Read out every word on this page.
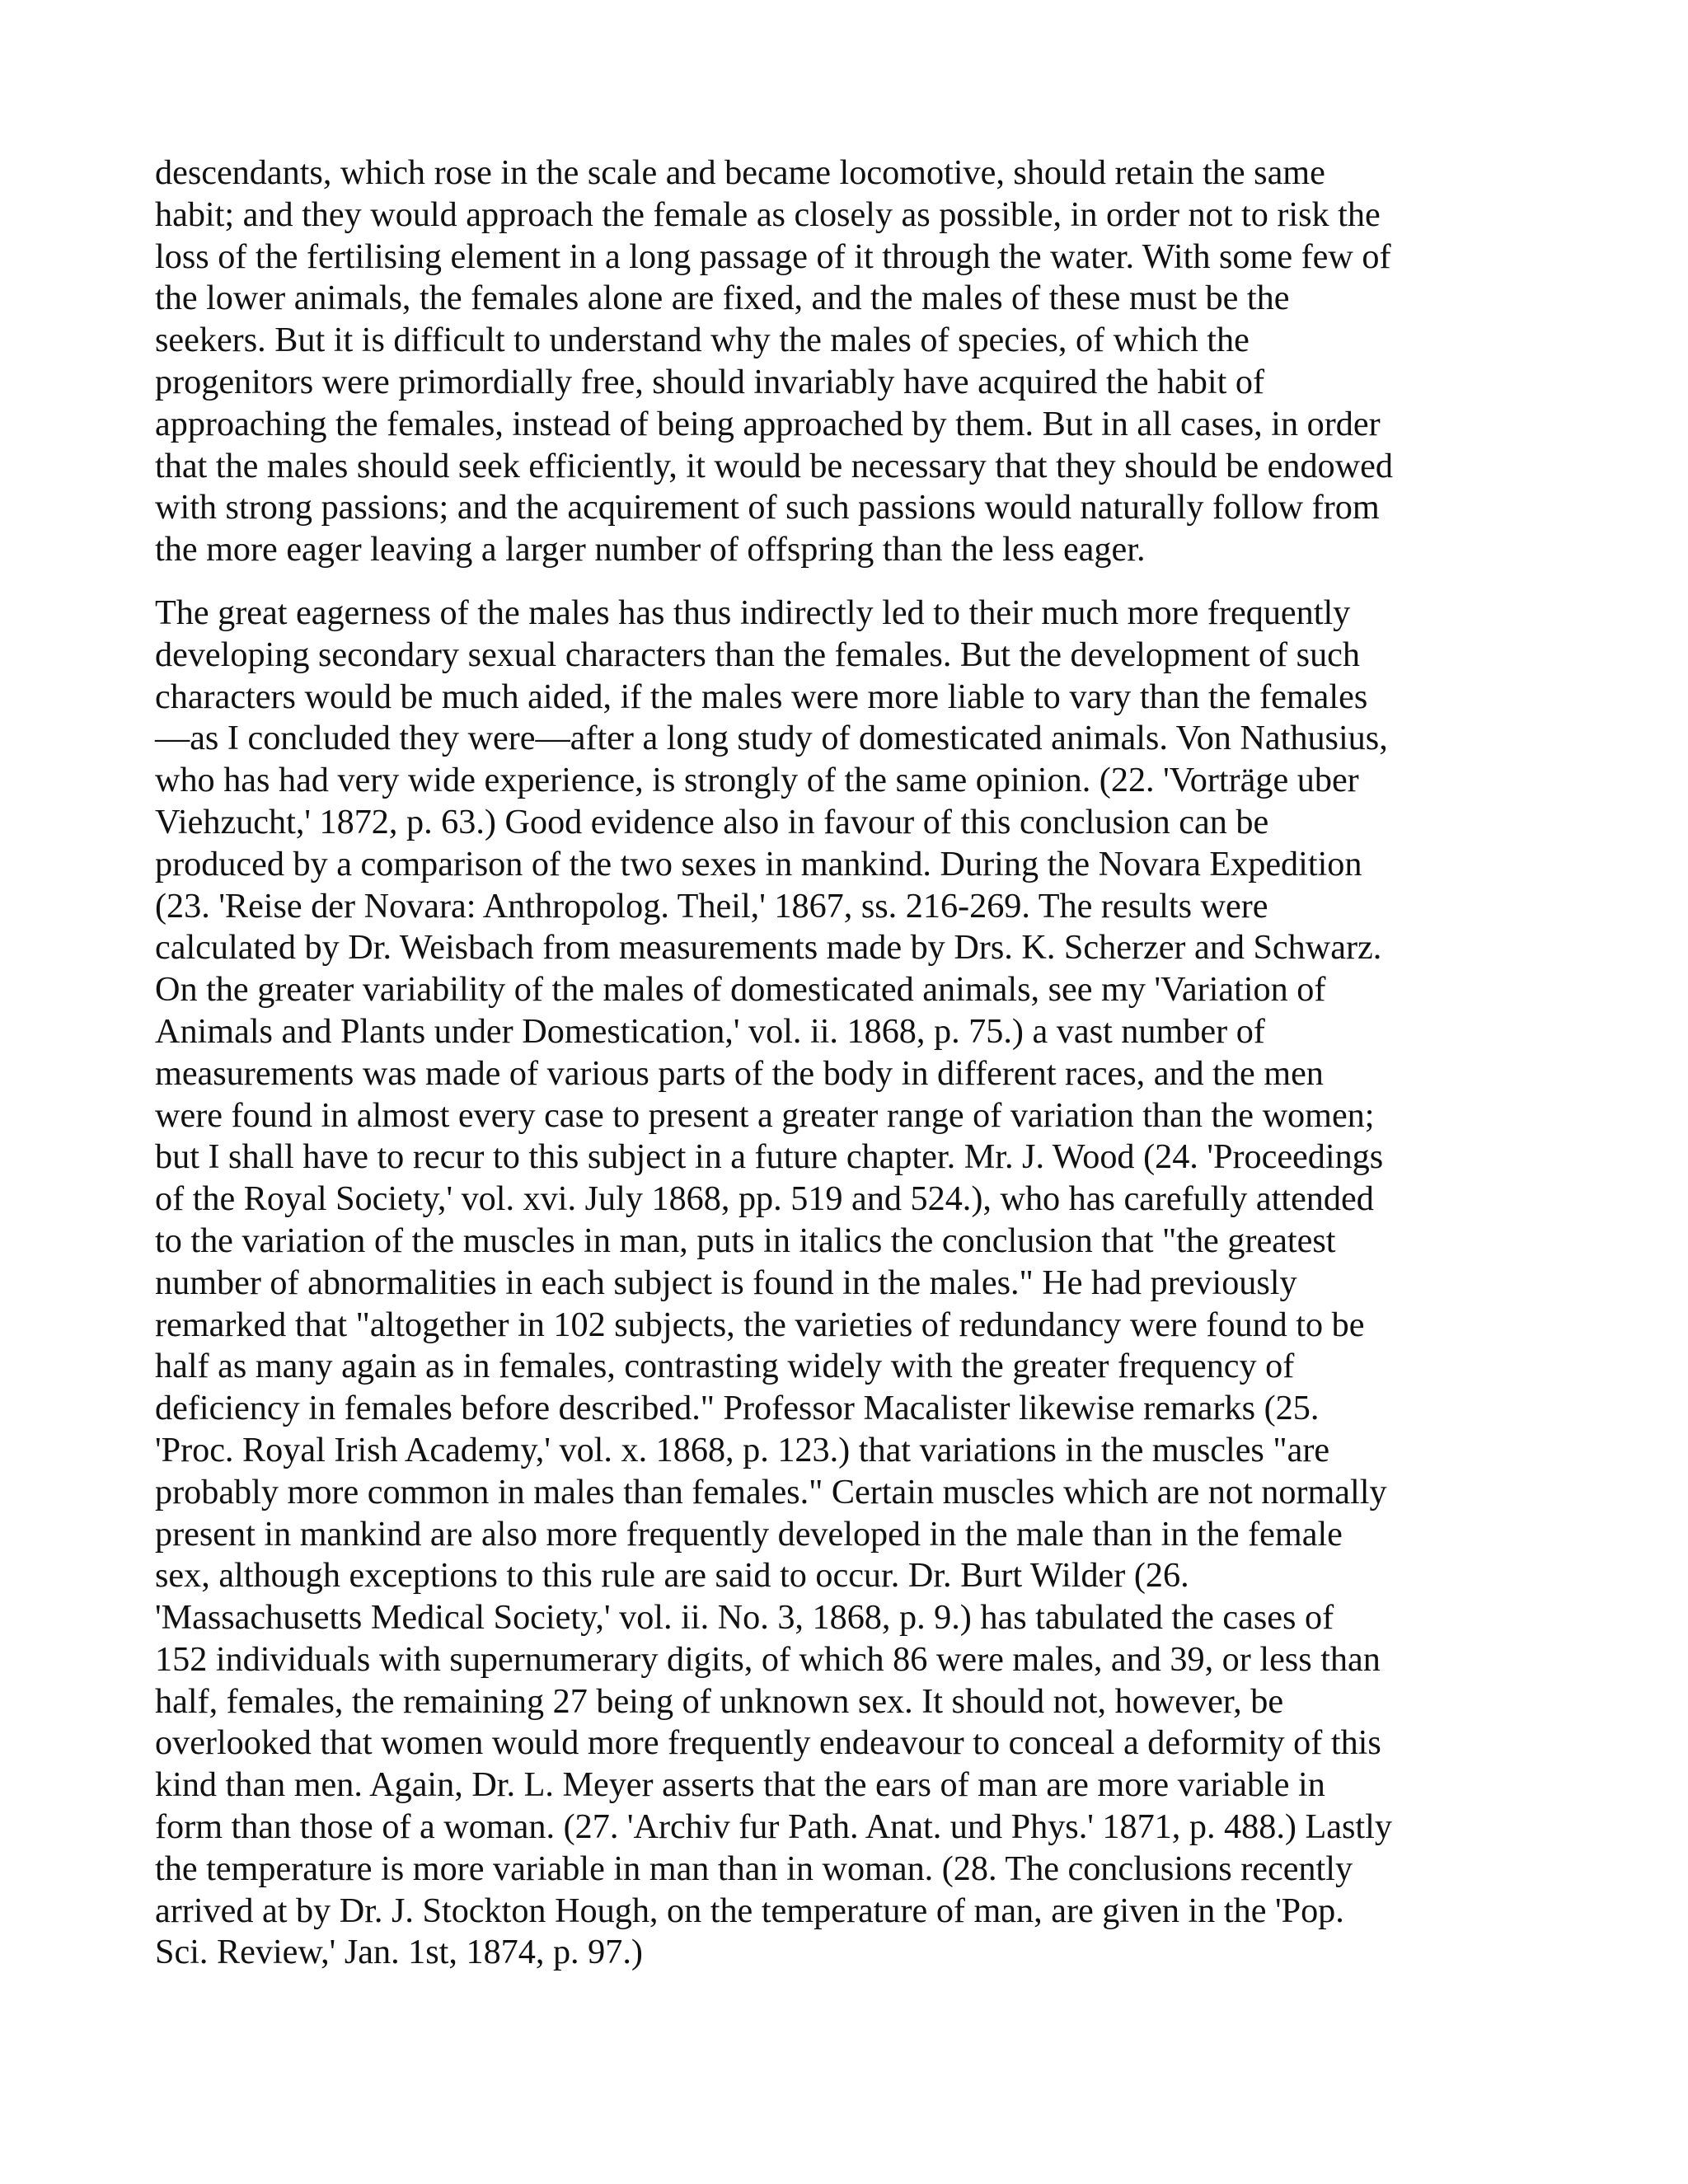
descendants, which rose in the scale and became locomotive, should retain the same
habit; and they would approach the female as closely as possible, in order not to risk the
loss of the fertilising element in a long passage of it through the water. With some few of
the lower animals, the females alone are fixed, and the males of these must be the
seekers. But it is difficult to understand why the males of species, of which the
progenitors were primordially free, should invariably have acquired the habit of
approaching the females, instead of being approached by them. But in all cases, in order
that the males should seek efficiently, it would be necessary that they should be endowed
with strong passions; and the acquirement of such passions would naturally follow from
the more eager leaving a larger number of offspring than the less eager.

The great eagerness of the males has thus indirectly led to their much more frequently
developing secondary sexual characters than the females. But the development of such
characters would be much aided, if the males were more liable to vary than the females
—as I concluded they were—after a long study of domesticated animals. Von Nathusius,
who has had very wide experience, is strongly of the same opinion. (22. 'Vorträge uber
Viehzucht,' 1872, p. 63.) Good evidence also in favour of this conclusion can be
produced by a comparison of the two sexes in mankind. During the Novara Expedition
(23. 'Reise der Novara: Anthropolog. Theil,' 1867, ss. 216-269. The results were
calculated by Dr. Weisbach from measurements made by Drs. K. Scherzer and Schwarz.
On the greater variability of the males of domesticated animals, see my 'Variation of
Animals and Plants under Domestication,' vol. ii. 1868, p. 75.) a vast number of
measurements was made of various parts of the body in different races, and the men
were found in almost every case to present a greater range of variation than the women;
but I shall have to recur to this subject in a future chapter. Mr. J. Wood (24. 'Proceedings
of the Royal Society,' vol. xvi. July 1868, pp. 519 and 524.), who has carefully attended
to the variation of the muscles in man, puts in italics the conclusion that "the greatest
number of abnormalities in each subject is found in the males." He had previously
remarked that "altogether in 102 subjects, the varieties of redundancy were found to be
half as many again as in females, contrasting widely with the greater frequency of
deficiency in females before described." Professor Macalister likewise remarks (25.
'Proc. Royal Irish Academy,' vol. x. 1868, p. 123.) that variations in the muscles "are
probably more common in males than females." Certain muscles which are not normally
present in mankind are also more frequently developed in the male than in the female
sex, although exceptions to this rule are said to occur. Dr. Burt Wilder (26.
'Massachusetts Medical Society,' vol. ii. No. 3, 1868, p. 9.) has tabulated the cases of
152 individuals with supernumerary digits, of which 86 were males, and 39, or less than
half, females, the remaining 27 being of unknown sex. It should not, however, be
overlooked that women would more frequently endeavour to conceal a deformity of this
kind than men. Again, Dr. L. Meyer asserts that the ears of man are more variable in
form than those of a woman. (27. 'Archiv fur Path. Anat. und Phys.' 1871, p. 488.) Lastly
the temperature is more variable in man than in woman. (28. The conclusions recently
arrived at by Dr. J. Stockton Hough, on the temperature of man, are given in the 'Pop.
Sci. Review,' Jan. 1st, 1874, p. 97.)
